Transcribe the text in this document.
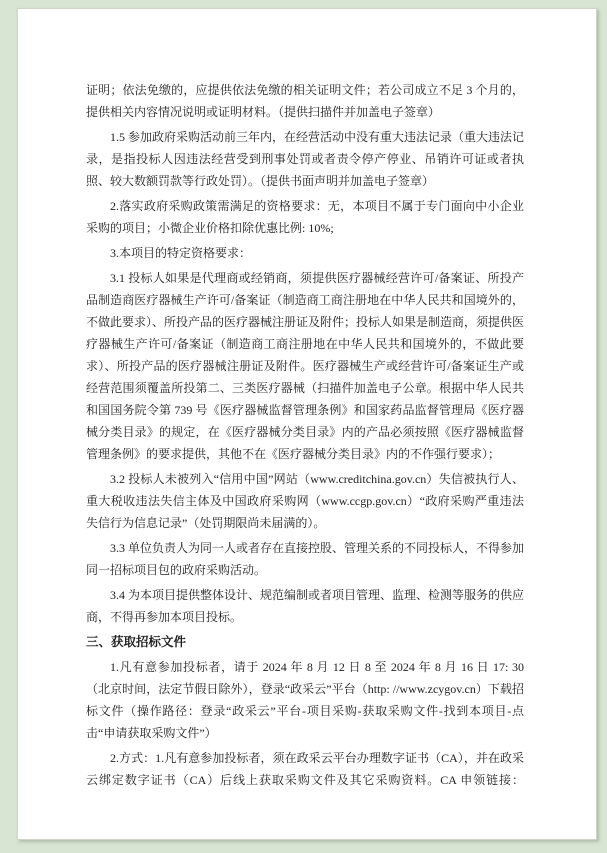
证明；依法免缴的，应提供依法免缴的相关证明文件；若公司成立不足 3 个月的，提供相关内容情况说明或证明材料。（提供扫描件并加盖电子签章）

1.5 参加政府采购活动前三年内，在经营活动中没有重大违法记录（重大违法记录，是指投标人因违法经营受到刑事处罚或者责令停产停业、吊销许可证或者执照、较大数额罚款等行政处罚）。（提供书面声明并加盖电子签章）

2.落实政府采购政策需满足的资格要求：无，本项目不属于专门面向中小企业采购的项目；小微企业价格扣除优惠比例: 10%;

3.本项目的特定资格要求：

3.1 投标人如果是代理商或经销商，须提供医疗器械经营许可/备案证、所投产品制造商医疗器械生产许可/备案证（制造商工商注册地在中华人民共和国境外的，不做此要求）、所投产品的医疗器械注册证及附件；投标人如果是制造商，须提供医疗器械生产许可/备案证（制造商工商注册地在中华人民共和国境外的，不做此要求）、所投产品的医疗器械注册证及附件。医疗器械生产或经营许可/备案证生产或经营范围须覆盖所投第二、三类医疗器械（扫描件加盖电子公章。根据中华人民共和国国务院令第 739 号《医疗器械监督管理条例》和国家药品监督管理局《医疗器械分类目录》的规定，在《医疗器械分类目录》内的产品必须按照《医疗器械监督管理条例》的要求提供，其他不在《医疗器械分类目录》内的不作强行要求）；

3.2 投标人未被列入“信用中国”网站（www.creditchina.gov.cn）失信被执行人、重大税收违法失信主体及中国政府采购网（www.ccgp.gov.cn）“政府采购严重违法失信行为信息记录”（处罚期限尚未届满的）。

3.3 单位负责人为同一人或者存在直接控股、管理关系的不同投标人，不得参加同一招标项目包的政府采购活动。

3.4 为本项目提供整体设计、规范编制或者项目管理、监理、检测等服务的供应商，不得再参加本项目投标。

三、获取招标文件

1.凡有意参加投标者，请于 2024 年 8 月 12 日 8 至 2024 年 8 月 16 日 17: 30（北京时间，法定节假日除外），登录“政采云”平台（http: //www.zcygov.cn）下载招标文件（操作路径：登录“政采云”平台-项目采购-获取采购文件-找到本项目-点击“申请获取采购文件”）

2.方式：1.凡有意参加投标者，须在政采云平台办理数字证书（CA），并在政采云绑定数字证书（CA）后线上获取采购文件及其它采购资料。CA 申领链接：
